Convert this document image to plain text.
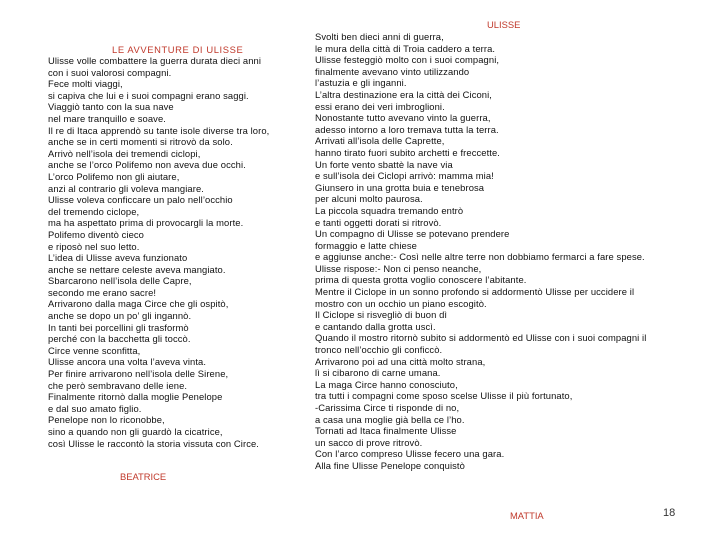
LE AVVENTURE DI ULISSE
Ulisse volle combattere la guerra durata dieci anni
con i suoi valorosi compagni.
Fece molti viaggi,
si capiva che lui e i suoi compagni erano saggi.
Viaggiò tanto con la sua nave
nel mare tranquillo e soave.
Il re di Itaca apprendò su tante isole diverse tra loro,
anche se in certi momenti si ritrovò da solo.
Arrivò nell’isola dei tremendi ciclopi,
anche se l’orco Polifemo non aveva due occhi.
L’orco Polifemo non gli aiutare,
anzi al contrario gli voleva mangiare.
Ulisse voleva conficcare un palo nell’occhio
del tremendo ciclope,
ma ha aspettato prima di provocargli la morte.
Polifemo diventò cieco
e riposò nel suo letto.
L’idea di Ulisse aveva funzionato
anche se nettare celeste aveva mangiato.
Sbarcarono nell’isola delle Capre,
secondo me erano sacre!
Arrivarono dalla maga Circe che gli ospitò,
anche se dopo un po’ gli ingannò.
In tanti bei porcellini gli trasformò
perché con la bacchetta gli toccò.
Circe venne sconfitta,
Ulisse ancora una volta l’aveva vinta.
Per finire arrivarono nell’isola delle Sirene,
che però sembravano delle iene.
Finalmente ritornò dalla moglie Penelope
e dal suo amato figlio.
Penelope non lo riconobbe,
sino a quando non gli guardò la cicatrice,
così Ulisse le raccontò la storia vissuta con Circe.
BEATRICE
ULISSE
Svolti ben dieci anni di guerra,
le mura della città di Troia caddero a terra.
Ulisse festeggiò molto con i suoi compagni,
finalmente avevano vinto utilizzando
l’astuzia e gli inganni.
L’altra destinazione era la città dei Ciconi,
essi erano dei veri imbroglioni.
Nonostante tutto avevano vinto la guerra,
adesso intorno a loro tremava tutta la terra.
Arrivati all’isola delle Caprette,
hanno tirato fuori subito archetti e freccette.
Un forte vento sbattè la nave via
e sull’isola dei Ciclopi arrivò: mamma mia!
Giunsero in una grotta buia e tenebrosa
per alcuni molto paurosa.
La piccola squadra tremando entrò
e tanti oggetti dorati si ritrovò.
Un compagno di Ulisse se potevano prendere
formaggio e latte chiese
e aggiunse anche:- Così nelle altre terre non dobbiamo fermarci a fare spese.
Ulisse rispose:- Non ci penso neanche,
prima di questa grotta voglio conoscere l’abitante.
Mentre il Ciclope in un sonno profondo si addormentò Ulisse per uccidere il
mostro con un occhio un piano escogitò.
Il Ciclope si risvegliò di buon dì
e cantando dalla grotta uscì.
Quando il mostro ritornò subito si addormentò ed Ulisse con i suoi compagni il
tronco nell’occhio gli conficcò.
Arrivarono poi ad una città molto strana,
lì si cibarono di carne umana.
La maga Circe hanno conosciuto,
tra tutti i compagni come sposo scelse Ulisse il più fortunato,
-Carissima Circe ti risponde di no,
a casa una moglie già bella ce l’ho.
Tornati ad Itaca finalmente Ulisse
un sacco di prove ritrovò.
Con l’arco compreso Ulisse fecero una gara.
Alla fine Ulisse Penelope conquistò
MATTIA	18
